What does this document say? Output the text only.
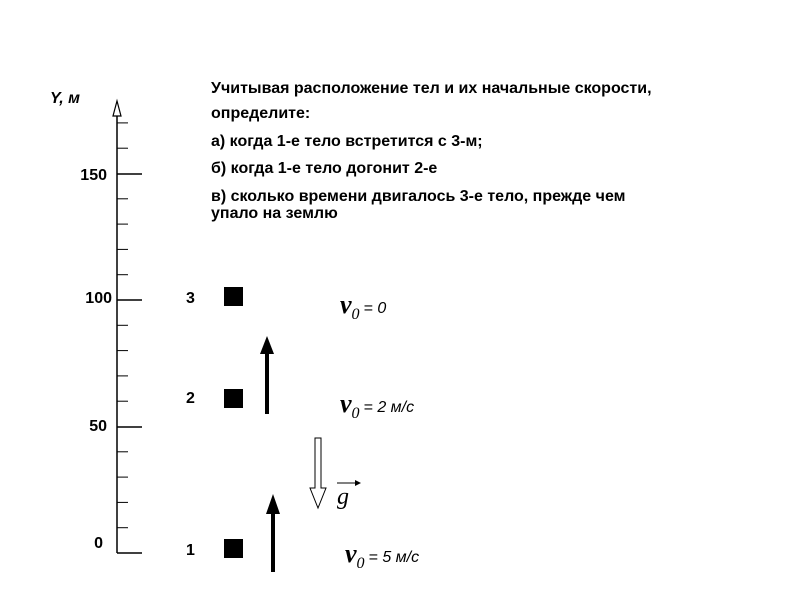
Учитывая расположение тел и их начальные скорости,
определите:
а) когда 1-е тело встретится с 3-м;
б) когда 1-е тело догонит 2-е
в) сколько времени двигалось 3-е тело, прежде чем
упало на землю
Y, м
0
50
100
150
3	v0 = 0
2	v0 = 2 м/с
1	v0 = 5 м/с
g
